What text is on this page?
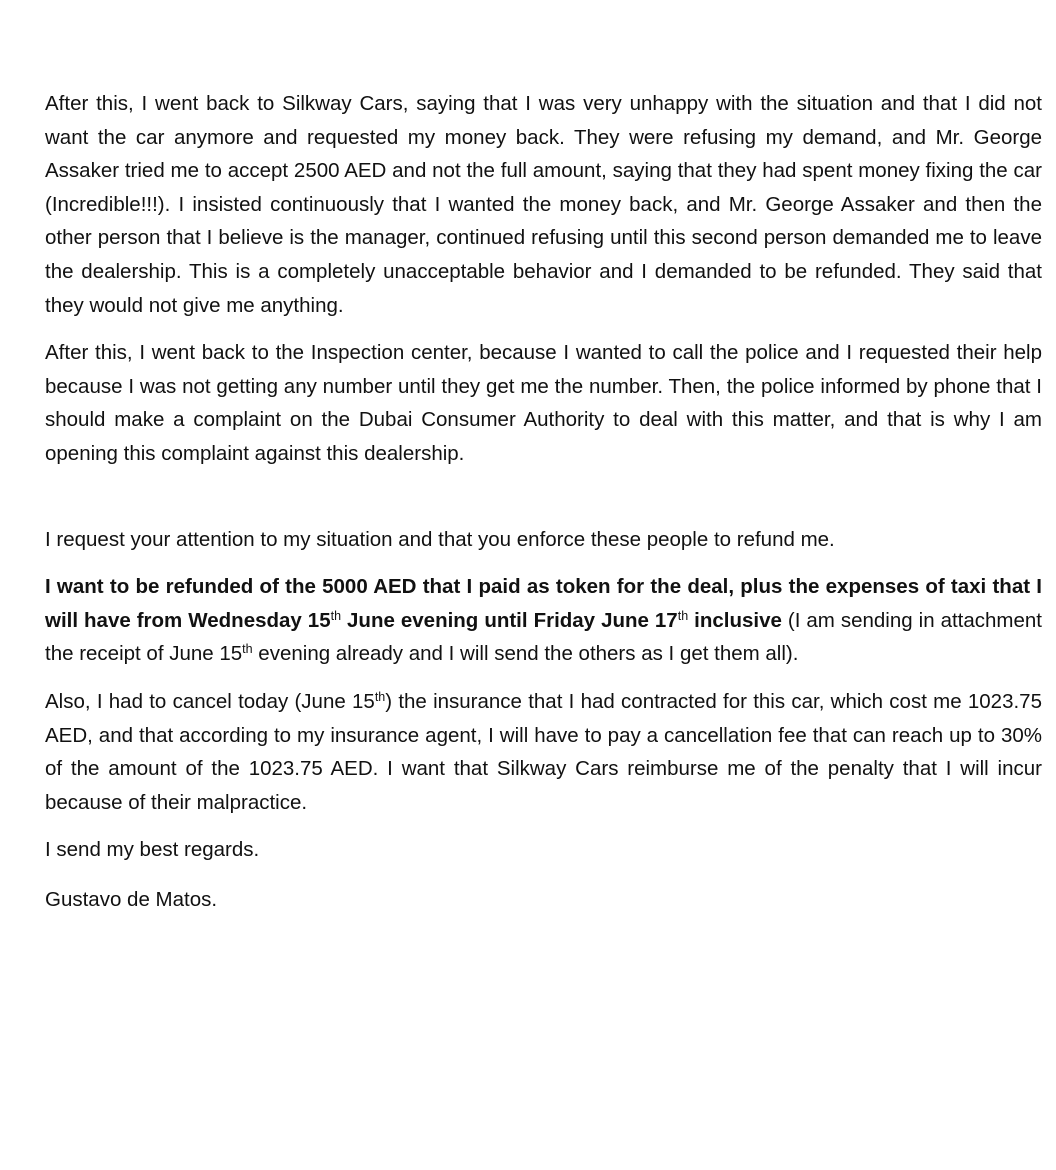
After this, I went back to Silkway Cars, saying that I was very unhappy with the situation and that I did not want the car anymore and requested my money back. They were refusing my demand, and Mr. George Assaker tried me to accept 2500 AED and not the full amount, saying that they had spent money fixing the car (Incredible!!!). I insisted continuously that I wanted the money back, and Mr. George Assaker and then the other person that I believe is the manager, continued refusing until this second person demanded me to leave the dealership. This is a completely unacceptable behavior and I demanded to be refunded. They said that they would not give me anything.

After this, I went back to the Inspection center, because I wanted to call the police and I requested their help because I was not getting any number until they get me the number. Then, the police informed by phone that I should make a complaint on the Dubai Consumer Authority to deal with this matter, and that is why I am opening this complaint against this dealership.

I request your attention to my situation and that you enforce these people to refund me.

I want to be refunded of the 5000 AED that I paid as token for the deal, plus the expenses of taxi that I will have from Wednesday 15th June evening until Friday June 17th inclusive (I am sending in attachment the receipt of June 15th evening already and I will send the others as I get them all).

Also, I had to cancel today (June 15th) the insurance that I had contracted for this car, which cost me 1023.75 AED, and that according to my insurance agent, I will have to pay a cancellation fee that can reach up to 30% of the amount of the 1023.75 AED. I want that Silkway Cars reimburse me of the penalty that I will incur because of their malpractice.

I send my best regards.

Gustavo de Matos.
